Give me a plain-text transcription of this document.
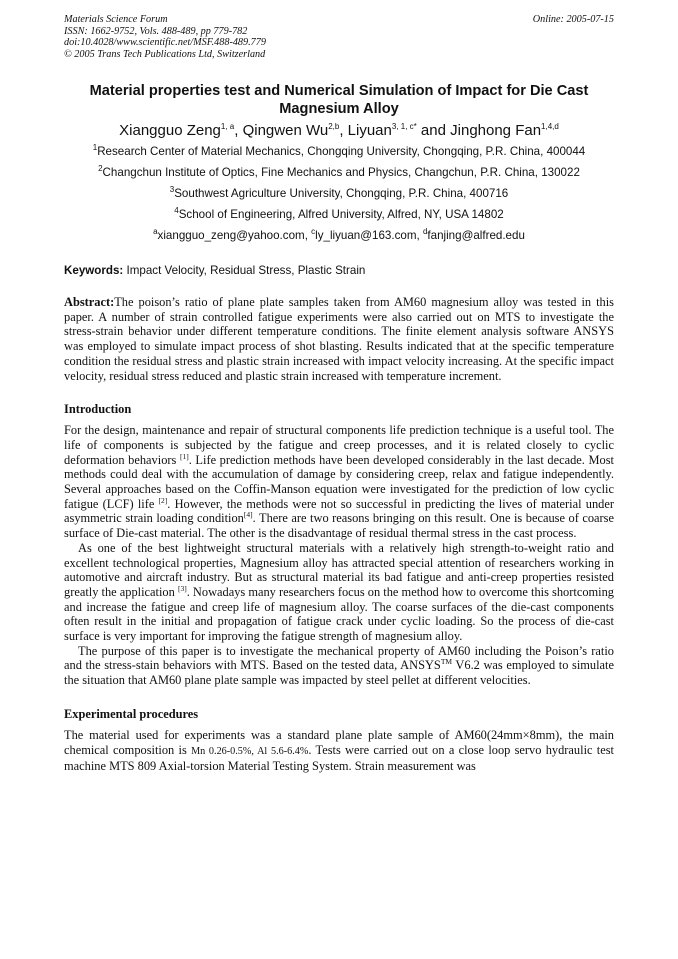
Materials Science Forum
ISSN: 1662-9752, Vols. 488-489, pp 779-782
doi:10.4028/www.scientific.net/MSF.488-489.779
© 2005 Trans Tech Publications Ltd, Switzerland
Online: 2005-07-15
Material properties test and Numerical Simulation of Impact for Die Cast Magnesium Alloy
Xiangguo Zeng$^{1, a}$, Qingwen Wu$^{2,b}$, Liyuan$^{3, 1, c*}$ and Jinghong Fan$^{1,4,d}$
$^1$Research Center of Material Mechanics, Chongqing University, Chongqing, P.R. China, 400044
$^2$Changchun Institute of Optics, Fine Mechanics and Physics, Changchun, P.R. China, 130022
$^3$Southwest Agriculture University, Chongqing, P.R. China, 400716
$^4$School of Engineering, Alfred University, Alfred, NY, USA 14802
$^a$xiangguo_zeng@yahoo.com, $^c$ly_liyuan@163.com, $^d$fanjing@alfred.edu
Keywords: Impact Velocity, Residual Stress, Plastic Strain
Abstract:The poison’s ratio of plane plate samples taken from AM60 magnesium alloy was tested in this paper. A number of strain controlled fatigue experiments were also carried out on MTS to investigate the stress-strain behavior under different temperature conditions. The finite element analysis software ANSYS was employed to simulate impact process of shot blasting. Results indicated that at the specific temperature condition the residual stress and plastic strain increased with impact velocity increasing. At the specific impact velocity, residual stress reduced and plastic strain increased with temperature increment.
Introduction

For the design, maintenance and repair of structural components life prediction technique is a useful tool. The life of components is subjected by the fatigue and creep processes, and it is related closely to cyclic deformation behaviors [1]. Life prediction methods have been developed considerably in the last decade. Most methods could deal with the accumulation of damage by considering creep, relax and fatigue independently. Several approaches based on the Coffin-Manson equation were investigated for the prediction of low cyclic fatigue (LCF) life [2]. However, the methods were not so successful in predicting the lives of material under asymmetric strain loading condition[4]. There are two reasons bringing on this result. One is because of coarse surface of Die-cast material. The other is the disadvantage of residual thermal stress in the cast process.

As one of the best lightweight structural materials with a relatively high strength-to-weight ratio and excellent technological properties, Magnesium alloy has attracted special attention of researchers working in automotive and aircraft industry. But as structural material its bad fatigue and anti-creep properties resisted greatly the application [3]. Nowadays many researchers focus on the method how to overcome this shortcoming and increase the fatigue and creep life of magnesium alloy. The coarse surfaces of the die-cast components often result in the initial and propagation of fatigue crack under cyclic loading. So the process of die-cast surface is very important for improving the fatigue strength of magnesium alloy.

The purpose of this paper is to investigate the mechanical property of AM60 including the Poison’s ratio and the stress-stain behaviors with MTS. Based on the tested data, ANSYS™ V6.2 was employed to simulate the situation that AM60 plane plate sample was impacted by steel pellet at different velocities.

Experimental procedures

The material used for experiments was a standard plane plate sample of AM60(24mm×8mm), the main chemical composition is Mn 0.26-0.5%, Al 5.6-6.4%. Tests were carried out on a close loop servo hydraulic test machine MTS 809 Axial-torsion Material Testing System. Strain measurement was
